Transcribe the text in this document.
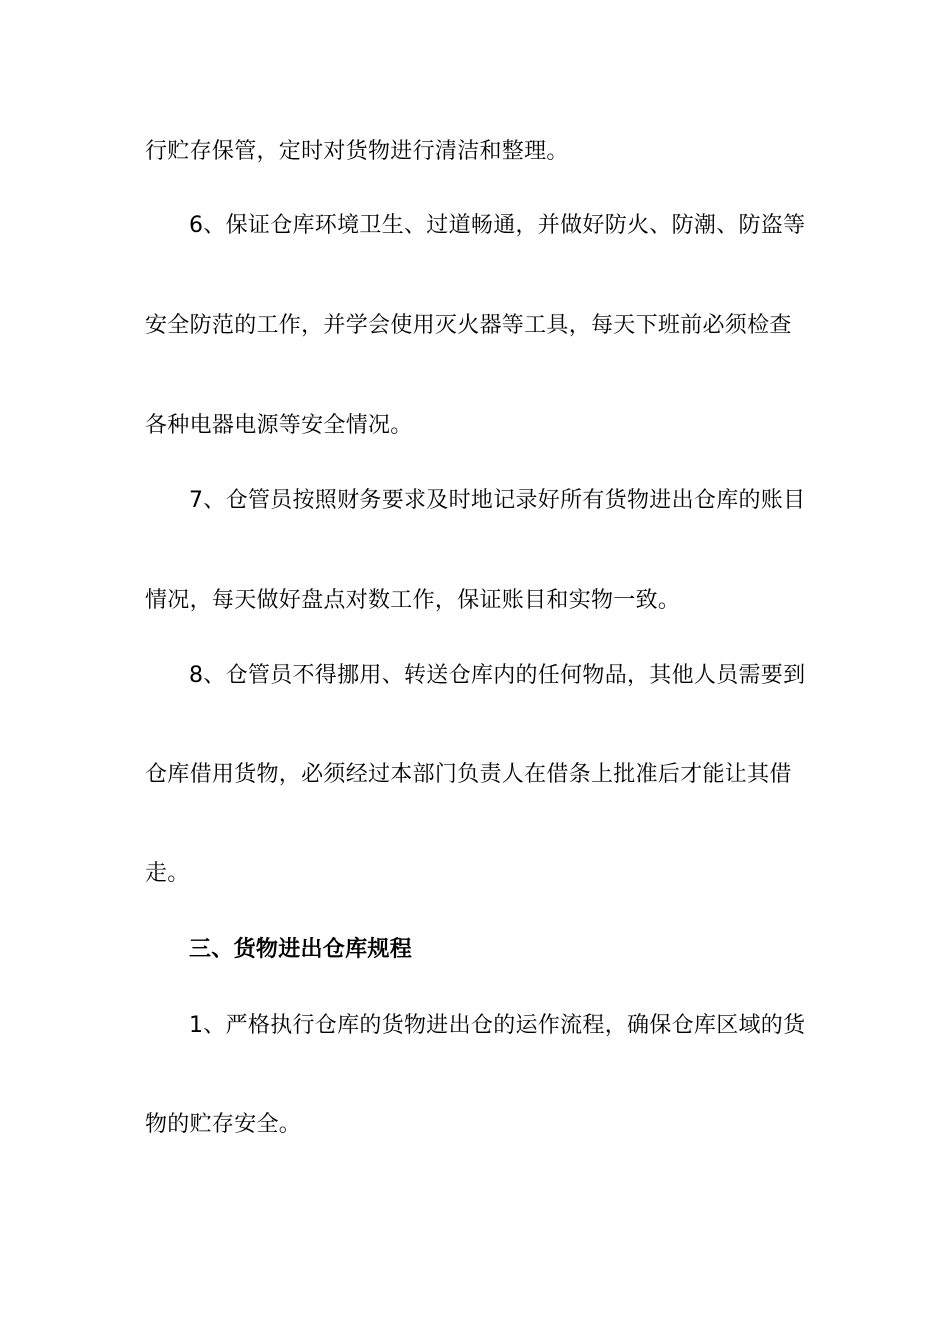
行贮存保管，定时对货物进行清洁和整理。
6、保证仓库环境卫生、过道畅通，并做好防火、防潮、防盗等
安全防范的工作，并学会使用灭火器等工具，每天下班前必须检查
各种电器电源等安全情况。
7、仓管员按照财务要求及时地记录好所有货物进出仓库的账目
情况，每天做好盘点对数工作，保证账目和实物一致。
8、仓管员不得挪用、转送仓库内的任何物品，其他人员需要到
仓库借用货物，必须经过本部门负责人在借条上批准后才能让其借
走。
三、货物进出仓库规程
1、严格执行仓库的货物进出仓的运作流程，确保仓库区域的货
物的贮存安全。
